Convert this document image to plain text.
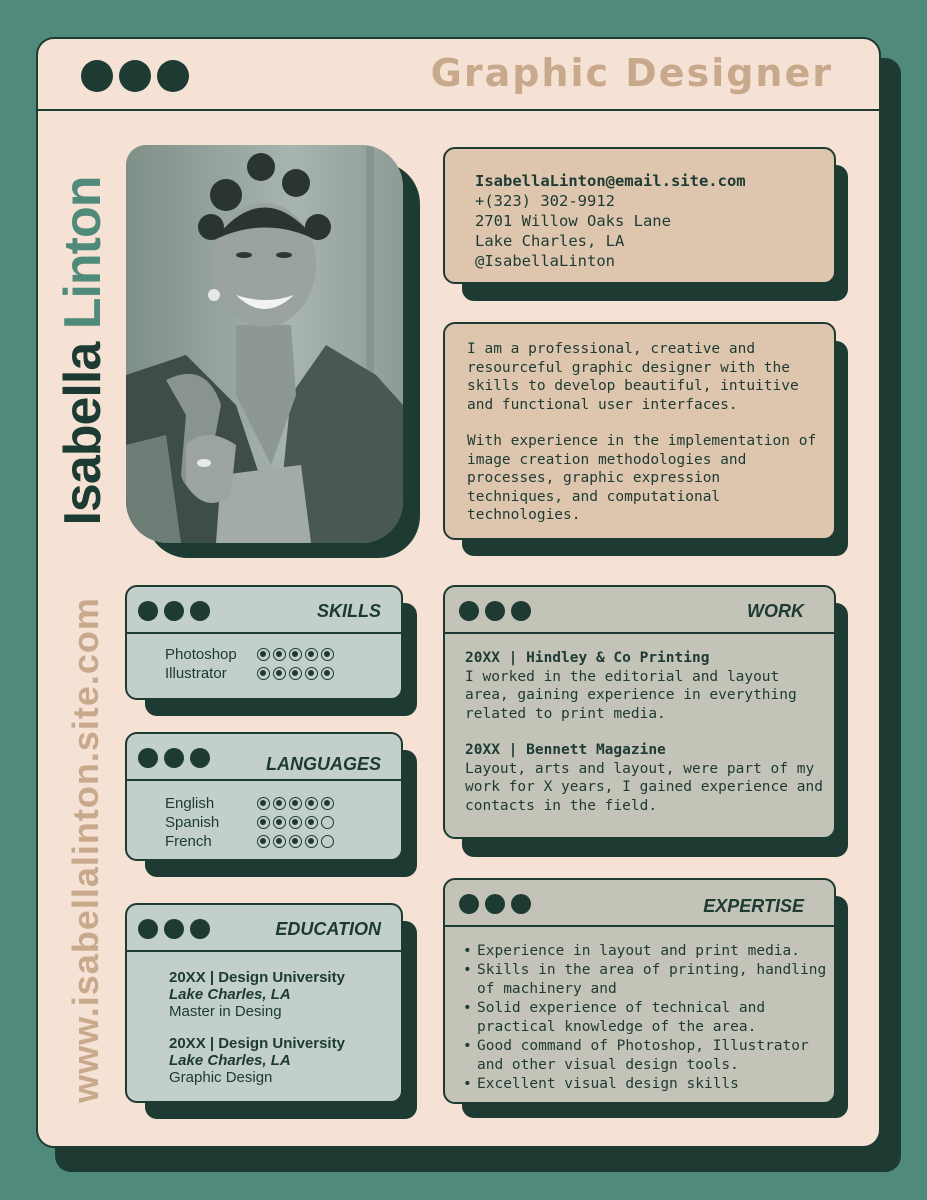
Graphic Designer
Isabella Linton
www.isabellalinton.site.com
IsabellaLinton@email.site.com
+(323) 302-9912
2701 Willow Oaks Lane
Lake Charles, LA
@IsabellaLinton

I am a professional, creative and resourceful graphic designer with the skills to develop beautiful, intuitive and functional user interfaces.

With experience in the implementation of image creation methodologies and processes, graphic expression techniques, and computational technologies.

SKILLS
Photoshop
Illustrator
LANGUAGES
English
Spanish
French
EDUCATION
20XX | Design University
Lake Charles, LA
Master in Desing
20XX | Design University
Lake Charles, LA
Graphic Design
WORK
20XX | Hindley & Co Printing
I worked in the editorial and layout area, gaining experience in everything related to print media.
20XX | Bennett Magazine
Layout, arts and layout, were part of my work for X years, I gained experience and contacts in the field.
EXPERTISE
• Experience in layout and print media.
• Skills in the area of printing, handling of machinery and
• Solid experience of technical and practical knowledge of the area.
• Good command of Photoshop, Illustrator and other visual design tools.
• Excellent visual design skills
